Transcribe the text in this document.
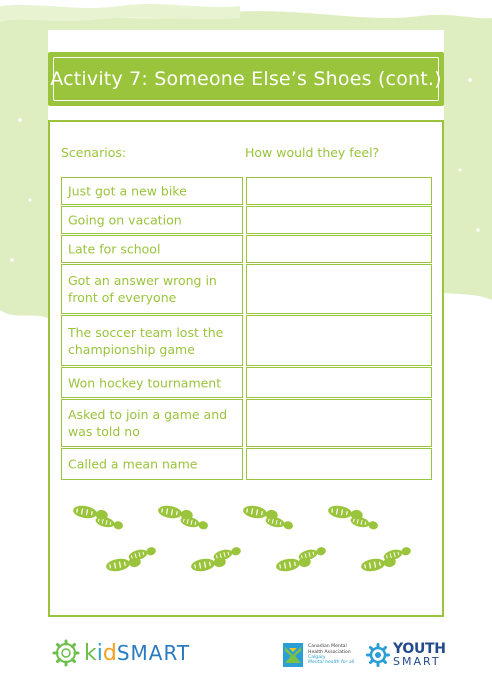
Activity 7: Someone Else’s Shoes (cont.)
Scenarios:	How would they feel?
Just got a new bike
Going on vacation
Late for school
Got an answer wrong in front of everyone
The soccer team lost the championship game
Won hockey tournament
Asked to join a game and was told no
Called a mean name
kidSMART	Canadian Mental
Health Association
Calgary
Mental health for all
YOUTH
SMART
